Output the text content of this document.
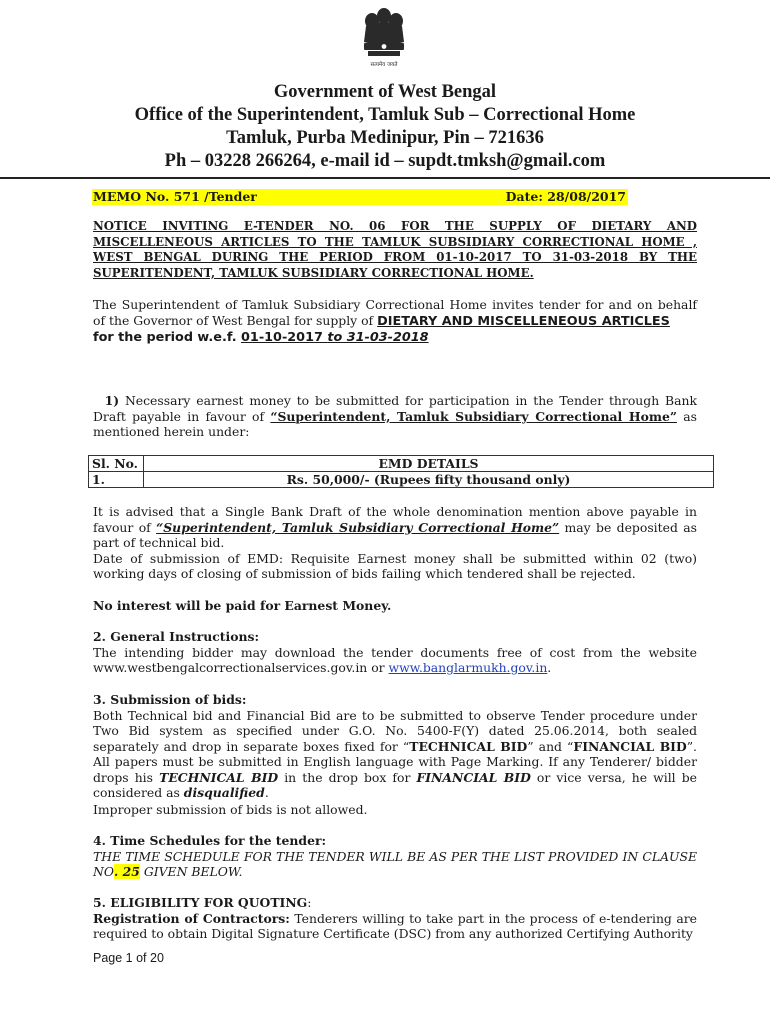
सत्यमेव जयते
Government of West Bengal
Office of the Superintendent, Tamluk Sub – Correctional Home
Tamluk, Purba Medinipur, Pin – 721636
Ph – 03228 266264, e-mail id – supdt.tmksh@gmail.com
MEMO No. 571 /Tender	Date: 28/08/2017
NOTICE INVITING E-TENDER NO. 06 FOR THE SUPPLY OF DIETARY AND MISCELLENEOUS ARTICLES TO THE TAMLUK SUBSIDIARY CORRECTIONAL HOME , WEST BENGAL DURING THE PERIOD FROM 01-10-2017 TO 31-03-2018 BY THE SUPERITENDENT, TAMLUK SUBSIDIARY CORRECTIONAL HOME.
The Superintendent of Tamluk Subsidiary Correctional Home invites tender for and on behalf of the Governor of West Bengal for supply of DIETARY AND MISCELLENEOUS ARTICLES
for the period w.e.f. 01-10-2017 to 31-03-2018
1) Necessary earnest money to be submitted for participation in the Tender through Bank Draft payable in favour of “Superintendent, Tamluk Subsidiary Correctional Home” as mentioned herein under:
Sl. No.	EMD DETAILS
1.	Rs. 50,000/- (Rupees fifty thousand only)
It is advised that a Single Bank Draft of the whole denomination mention above payable in favour of “Superintendent, Tamluk Subsidiary Correctional Home” may be deposited as part of technical bid.
Date of submission of EMD: Requisite Earnest money shall be submitted within 02 (two) working days of closing of submission of bids failing which tendered shall be rejected.
No interest will be paid for Earnest Money.
2. General Instructions:
The intending bidder may download the tender documents free of cost from the website www.westbengalcorrectionalservices.gov.in or www.banglarmukh.gov.in.
3. Submission of bids:
Both Technical bid and Financial Bid are to be submitted to observe Tender procedure under Two Bid system as specified under G.O. No. 5400-F(Y) dated 25.06.2014, both sealed separately and drop in separate boxes fixed for “TECHNICAL BID” and “FINANCIAL BID”. All papers must be submitted in English language with Page Marking. If any Tenderer/ bidder drops his TECHNICAL BID in the drop box for FINANCIAL BID or vice versa, he will be considered as disqualified.
Improper submission of bids is not allowed.
4. Time Schedules for the tender:
THE TIME SCHEDULE FOR THE TENDER WILL BE AS PER THE LIST PROVIDED IN CLAUSE NO. 25 GIVEN BELOW.
5. ELIGIBILITY FOR QUOTING:
Registration of Contractors: Tenderers willing to take part in the process of e-tendering are required to obtain Digital Signature Certificate (DSC) from any authorized Certifying Authority
Page 1 of 20
